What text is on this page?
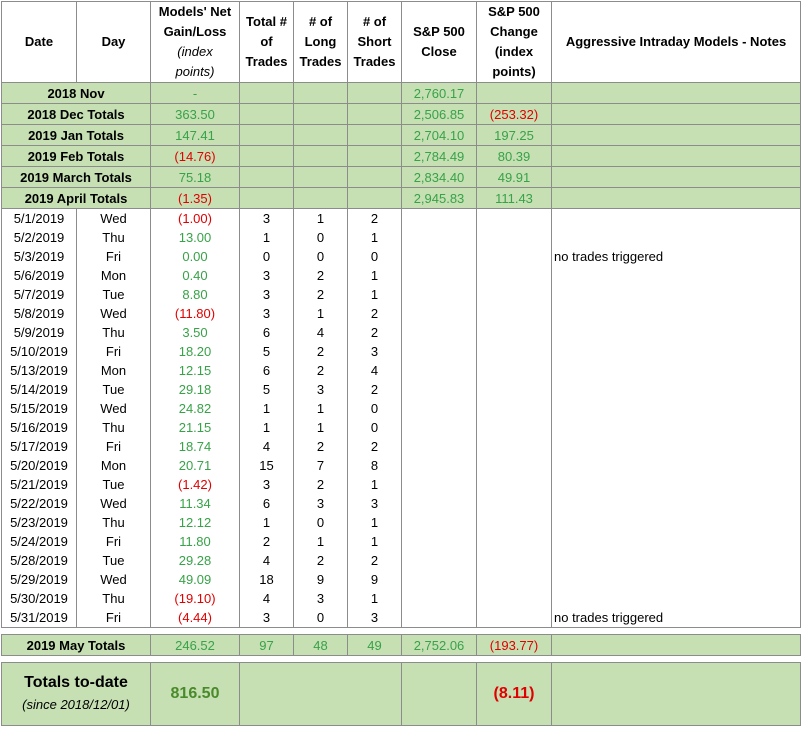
Date	Day	Models' Net
Gain/Loss
(index
points)	Total #
of
Trades	# of
Long
Trades	# of
Short
Trades	S&P 500
Close	S&P 500
Change
(index
points)	Aggressive Intraday Models - Notes
2018 Nov		-				2,760.17		
2018 Dec Totals		363.50				2,506.85	(253.32)	
2019 Jan Totals		147.41				2,704.10	197.25	
2019 Feb Totals		(14.76)				2,784.49	80.39	
2019 March Totals		75.18				2,834.40	49.91	
2019 April Totals		(1.35)				2,945.83	111.43	
5/1/2019	Wed	(1.00)	3	1	2			
5/2/2019	Thu	13.00	1	0	1			
5/3/2019	Fri	0.00	0	0	0			no trades triggered
5/6/2019	Mon	0.40	3	2	1			
5/7/2019	Tue	8.80	3	2	1			
5/8/2019	Wed	(11.80)	3	1	2			
5/9/2019	Thu	3.50	6	4	2			
5/10/2019	Fri	18.20	5	2	3			
5/13/2019	Mon	12.15	6	2	4			
5/14/2019	Tue	29.18	5	3	2			
5/15/2019	Wed	24.82	1	1	0			
5/16/2019	Thu	21.15	1	1	0			
5/17/2019	Fri	18.74	4	2	2			
5/20/2019	Mon	20.71	15	7	8			
5/21/2019	Tue	(1.42)	3	2	1			
5/22/2019	Wed	11.34	6	3	3			
5/23/2019	Thu	12.12	1	0	1			
5/24/2019	Fri	11.80	2	1	1			
5/28/2019	Tue	29.28	4	2	2			
5/29/2019	Wed	49.09	18	9	9			
5/30/2019	Thu	(19.10)	4	3	1			
5/31/2019	Fri	(4.44)	3	0	3			no trades triggered

2019 May Totals		246.52	97	48	49	2,752.06	(193.77)	

Totals to-date
(since 2018/12/01)		816.50					(8.11)	
